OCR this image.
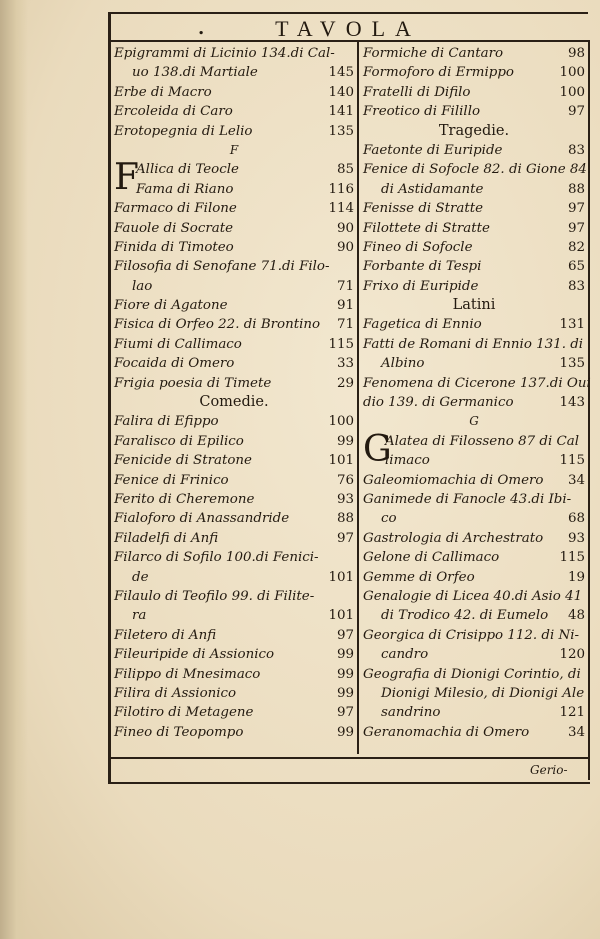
.	TAVOLA
Epigrammi di Licinio 134.di Cal-
uo 138.di Martiale	145
Erbe di Macro	140
Ercoleida di Caro	141
Erotopegnia di Lelio	135
F
F
Allica di Teocle	85
Fama di Riano	116
Farmaco di Filone	114
Fauole di Socrate	90
Finida di Timoteo	90
Filosofia di Senofane 71.di Filo-
lao	71
Fiore di Agatone	91
Fisica di Orfeo 22. di Brontino 71
Fiumi di Callimaco	115
Focaida di Omero	33
Frigia poesia di Timete	29
Comedie.
Falira di Efippo	100
Faralisco di Epilico	99
Fenicide di Stratone	101
Fenice di Frinico	76
Ferito di Cheremone	93
Fialoforo di Anassandride	88
Filadelfi di Anfi	97
Filarco di Sofilo 100.di Fenici-
de	101
Filaulo di Teofilo 99. di Filite-
ra	101
Filetero di Anfi	97
Fileuripide di Assionico	99
Filippo di Mnesimaco	99
Filira di Assionico	99
Filotiro di Metagene	97
Fineo di Teopompo	99
Formiche di Cantaro	98
Formoforo di Ermippo	100
Fratelli di Difilo	100
Freotico di Filillo	97
Tragedie.
Faetonte di Euripide	83
Fenice di Sofocle 82. di Gione 84.
di Astidamante	88
Fenisse di Stratte	97
Filottete di Stratte	97
Fineo di Sofocle	82
Forbante di Tespi	65
Frixo di Euripide	83
Latini
Fagetica di Ennio	131
Fatti de Romani di Ennio 131. di
Albino	135
Fenomena di Cicerone 137.di Oui
dio 139. di Germanico	143
G
G
Alatea di Filosseno 87 di Cal
limaco	115
Galeomiomachia di Omero 34
Ganimede di Fanocle 43.di Ibi-
co	68
Gastrologia di Archestrato 93
Gelone di Callimaco	115
Gemme di Orfeo	19
Genalogie di Licea 40.di Asio 41
di Trodico 42. di Eumelo 48
Georgica di Crisippo 112. di Ni-
candro	120
Geografia di Dionigi Corintio, di
Dionigi Milesio, di Dionigi Ale
sandrino	121
Geranomachia di Omero	34
Gerio-
